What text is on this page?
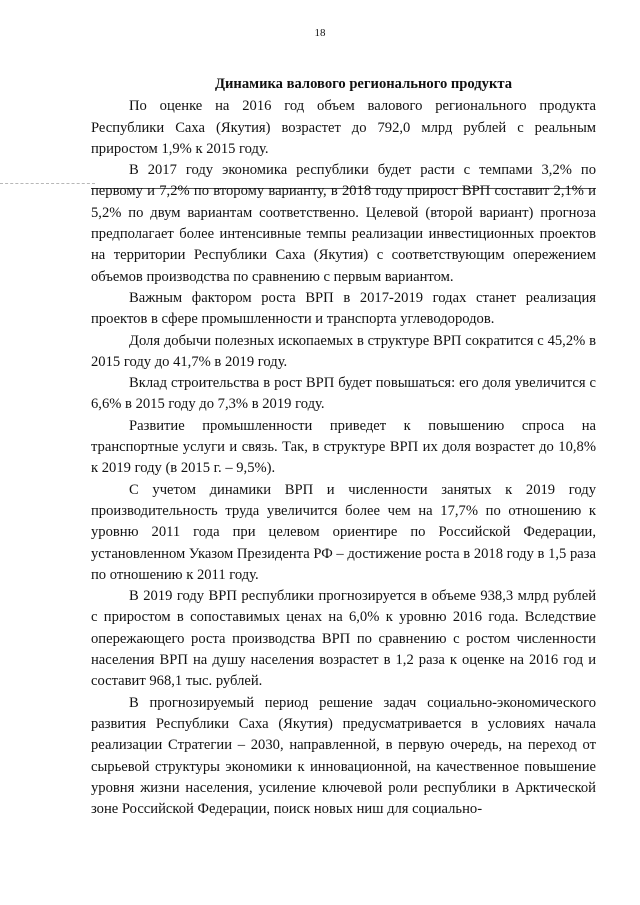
18

Динамика валового регионального продукта

По оценке на 2016 год объем валового регионального продукта Республики Саха (Якутия) возрастет до 792,0 млрд рублей с реальным приростом 1,9% к 2015 году.

В 2017 году экономика республики будет расти с темпами 3,2% по первому и 7,2% по второму варианту, в 2018 году прирост ВРП составит 2,1% и 5,2% по двум вариантам соответственно. Целевой (второй вариант) прогноза предполагает более интенсивные темпы реализации инвестиционных проектов на территории Республики Саха (Якутия) с соответствующим опережением объемов производства по сравнению с первым вариантом.

Важным фактором роста ВРП в 2017-2019 годах станет реализация проектов в сфере промышленности и транспорта углеводородов.

Доля добычи полезных ископаемых в структуре ВРП сократится с 45,2% в 2015 году до 41,7% в 2019 году.

Вклад строительства в рост ВРП будет повышаться: его доля увеличится с 6,6% в 2015 году до 7,3% в 2019 году.

Развитие промышленности приведет к повышению спроса на транспортные услуги и связь. Так, в структуре ВРП их доля возрастет до 10,8% к 2019 году (в 2015 г. – 9,5%).

С учетом динамики ВРП и численности занятых к 2019 году производительность труда увеличится более чем на 17,7% по отношению к уровню 2011 года при целевом ориентире по Российской Федерации, установленном Указом Президента РФ – достижение роста в 2018 году в 1,5 раза по отношению к 2011 году.

В 2019 году ВРП республики прогнозируется в объеме 938,3 млрд рублей с приростом в сопоставимых ценах на 6,0% к уровню 2016 года. Вследствие опережающего роста производства ВРП по сравнению с ростом численности населения ВРП на душу населения возрастет в 1,2 раза к оценке на 2016 год и составит 968,1 тыс. рублей.

В прогнозируемый период решение задач социально-экономического развития Республики Саха (Якутия) предусматривается в условиях начала реализации Стратегии – 2030, направленной, в первую очередь, на переход от сырьевой структуры экономики к инновационной, на качественное повышение уровня жизни населения, усиление ключевой роли республики в Арктической зоне Российской Федерации, поиск новых ниш для социально-
